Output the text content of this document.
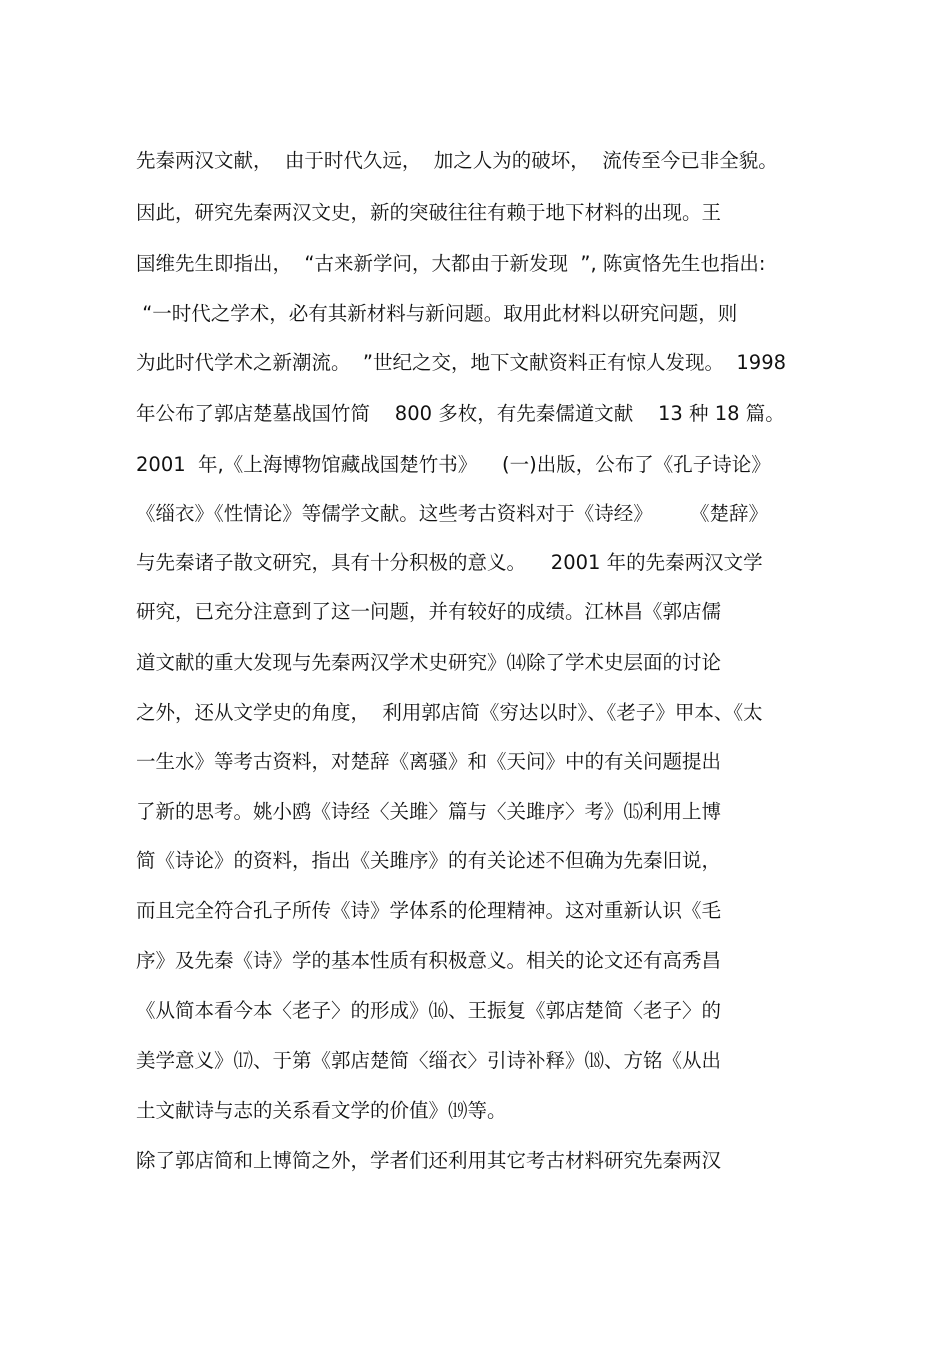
先秦两汉文献，  由于时代久远，  加之人为的破坏，  流传至今已非全貌。
因此，研究先秦两汉文史，新的突破往往有赖于地下材料的出现。王
国维先生即指出，  “古来新学问，大都由于新发现  ”, 陈寅恪先生也指出:
“一时代之学术，必有其新材料与新问题。取用此材料以研究问题，则
为此时代学术之新潮流。  ”世纪之交，地下文献资料正有惊人发现。  1998
年公布了郭店楚墓战国竹简    800 多枚，有先秦儒道文献    13 种 18 篇。
2001  年,《上海博物馆藏战国楚竹书》    (一)出版，公布了《孔子诗论》
《缁衣》《性情论》等儒学文献。这些考古资料对于《诗经》      《楚辞》
与先秦诸子散文研究，具有十分积极的意义。    2001 年的先秦两汉文学
研究，已充分注意到了这一问题，并有较好的成绩。江林昌《郭店儒
道文献的重大发现与先秦两汉学术史研究》⒁除了学术史层面的讨论
之外，还从文学史的角度，  利用郭店简《穷达以时》、《老子》甲本、《太
一生水》等考古资料，对楚辞《离骚》和《天问》中的有关问题提出
了新的思考。姚小鸥《诗经〈关雎〉篇与〈关雎序〉考》⒂利用上博
简《诗论》的资料，指出《关雎序》的有关论述不但确为先秦旧说，
而且完全符合孔子所传《诗》学体系的伦理精神。这对重新认识《毛
序》及先秦《诗》学的基本性质有积极意义。相关的论文还有高秀昌
《从简本看今本〈老子〉的形成》⒃、王振复《郭店楚简〈老子〉的
美学意义》⒄、于第《郭店楚简〈缁衣〉引诗补释》⒅、方铭《从出
土文献诗与志的关系看文学的价值》⒆等。
除了郭店简和上博简之外，学者们还利用其它考古材料研究先秦两汉
